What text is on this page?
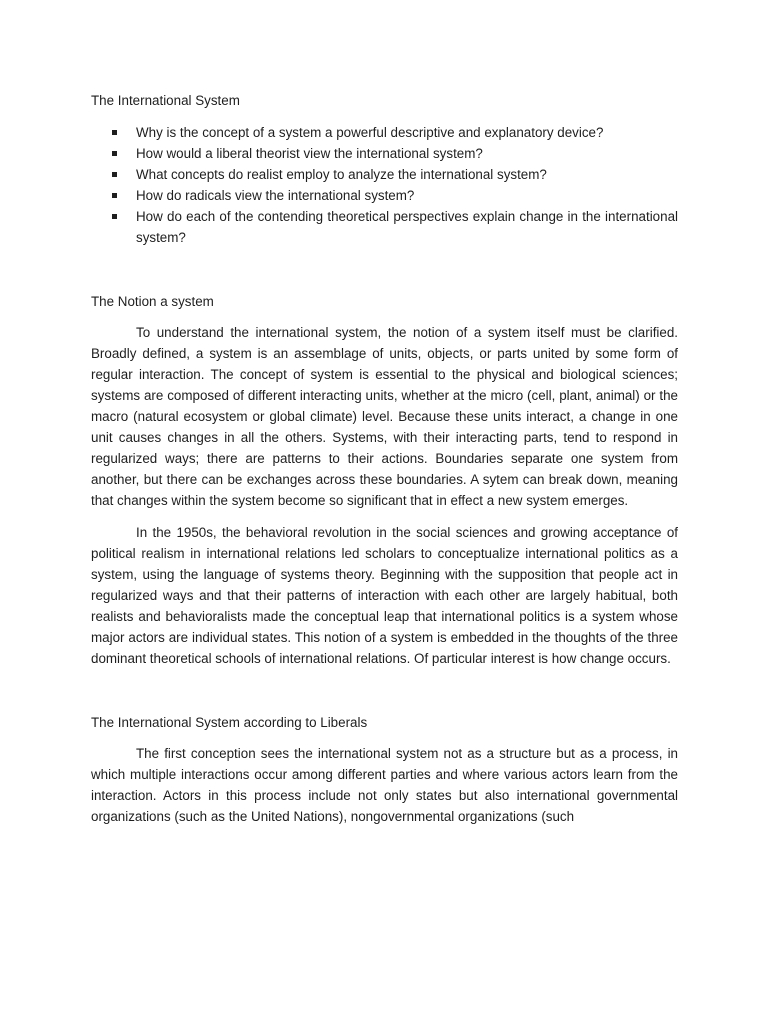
The International System
Why is the concept of a system a powerful descriptive and explanatory device?
How would a liberal theorist view the international system?
What concepts do realist employ to analyze the international system?
How do radicals view the international system?
How do each of the contending theoretical perspectives explain change in the international system?
The Notion a system

To understand the international system, the notion of a system itself must be clarified. Broadly defined, a system is an assemblage of units, objects, or parts united by some form of regular interaction. The concept of system is essential to the physical and biological sciences; systems are composed of different interacting units, whether at the micro (cell, plant, animal) or the macro (natural ecosystem or global climate) level. Because these units interact, a change in one unit causes changes in all the others. Systems, with their interacting parts, tend to respond in regularized ways; there are patterns to their actions. Boundaries separate one system from another, but there can be exchanges across these boundaries. A sytem can break down, meaning that changes within the system become so significant that in effect a new system emerges.

In the 1950s, the behavioral revolution in the social sciences and growing acceptance of political realism in international relations led scholars to conceptualize international politics as a system, using the language of systems theory. Beginning with the supposition that people act in regularized ways and that their patterns of interaction with each other are largely habitual, both realists and behavioralists made the conceptual leap that international politics is a system whose major actors are individual states. This notion of a system is embedded in the thoughts of the three dominant theoretical schools of international relations. Of particular interest is how change occurs.

The International System according to Liberals

The first conception sees the international system not as a structure but as a process, in which multiple interactions occur among different parties and where various actors learn from the interaction. Actors in this process include not only states but also international governmental organizations (such as the United Nations), nongovernmental organizations (such
